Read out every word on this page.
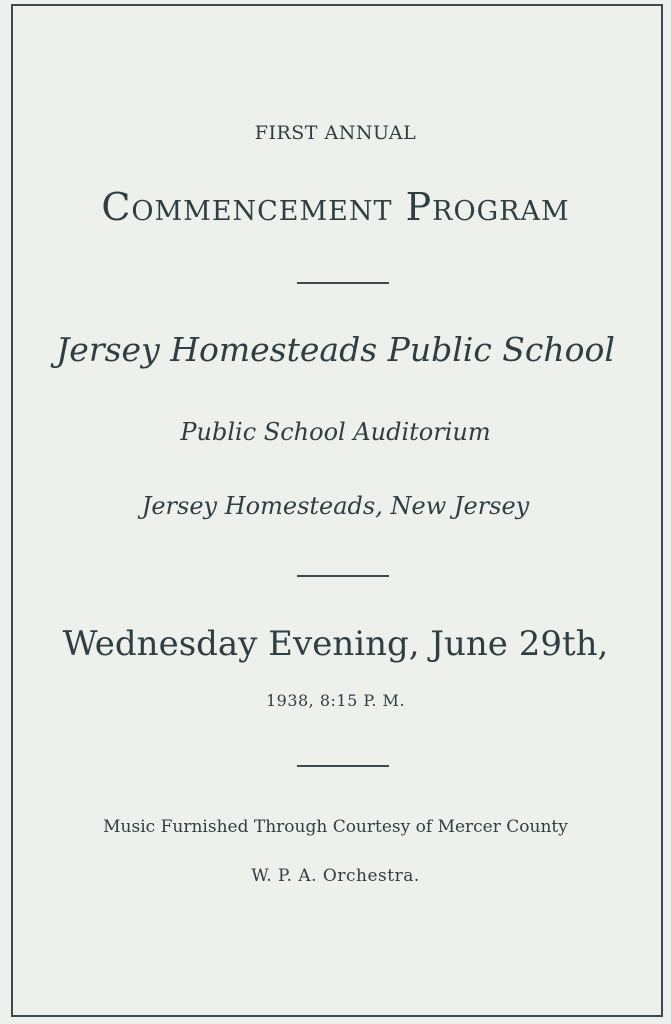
FIRST ANNUAL
Commencement Program
Jersey Homesteads Public School
Public School Auditorium
Jersey Homesteads, New Jersey
Wednesday Evening, June 29th,
1938, 8:15 P. M.
Music Furnished Through Courtesy of Mercer County
W. P. A. Orchestra.
